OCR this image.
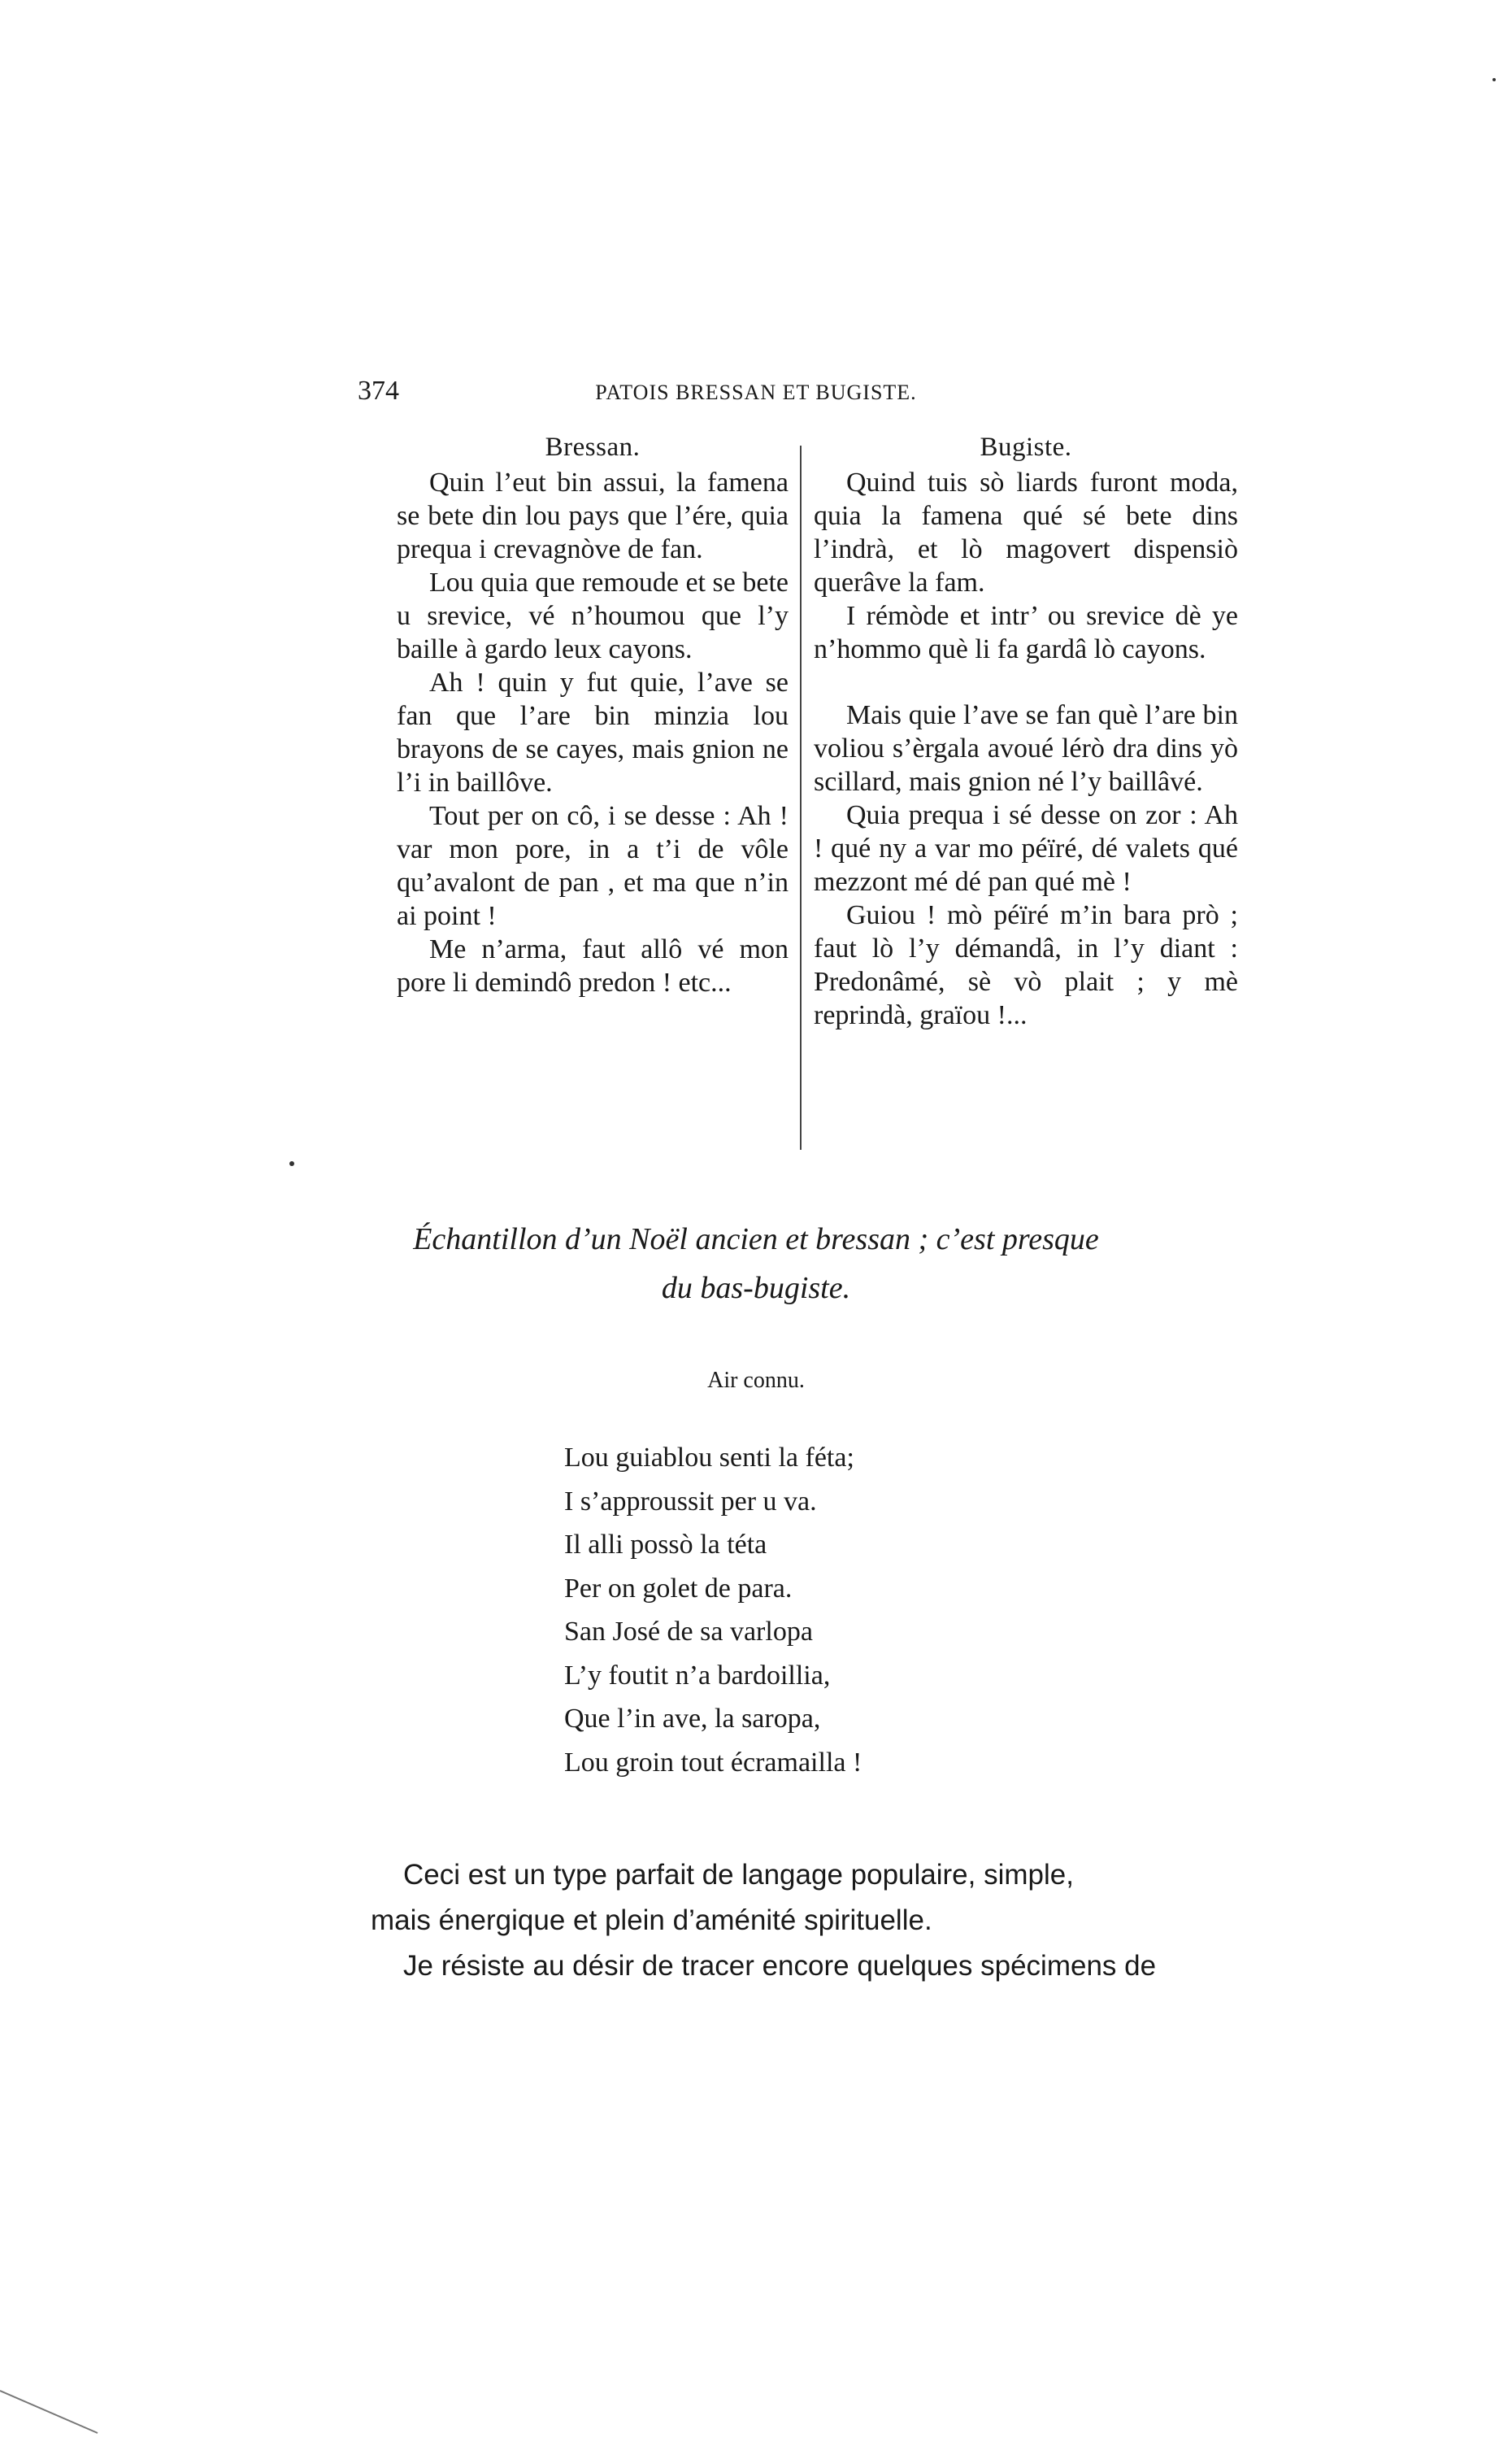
374	PATOIS BRESSAN ET BUGISTE.

Bressan.

Quin l’eut bin assui, la famena se bete din lou pays que l’ére, quia prequa i crevagnòve de fan.

Lou quia que remoude et se bete u srevice, vé n’houmou que l’y baille à gardo leux cayons.

Ah ! quin y fut quie, l’ave se fan que l’are bin minzia lou brayons de se cayes, mais gnion ne l’i in baillôve.

Tout per on cô, i se desse : Ah ! var mon pore, in a t’i de vôle qu’avalont de pan , et ma que n’in ai point !

Me n’arma, faut allô vé mon pore li demindô predon ! etc...

Bugiste.

Quind tuis sò liards furont moda, quia la famena qué sé bete dins l’indrà, et lò magovert dispensiò querâve la fam.

I rémòde et intr’ ou srevice dè ye n’hommo què li fa gardâ lò cayons.

Mais quie l’ave se fan què l’are bin voliou s’èrgala avoué lérò dra dins yò scillard, mais gnion né l’y baillâvé.

Quia prequa i sé desse on zor : Ah ! qué ny a var mo péïré, dé valets qué mezzont mé dé pan qué mè !

Guiou ! mò péïré m’in bara prò ; faut lò l’y démandâ, in l’y diant : Predonâmé, sè vò plait ; y mè reprindà, graïou !...

Échantillon d’un Noël ancien et bressan ; c’est presque

du bas-bugiste.

Air connu.

Lou guiablou senti la féta;

I s’approussit per u va.

Il alli possò la téta

Per on golet de para.

San José de sa varlopa

L’y foutit n’a bardoillia,

Que l’in ave, la saropa,

Lou groin tout écramailla !

Ceci est un type parfait de langage populaire, simple,

mais énergique et plein d’aménité spirituelle.

Je résiste au désir de tracer encore quelques spécimens de
